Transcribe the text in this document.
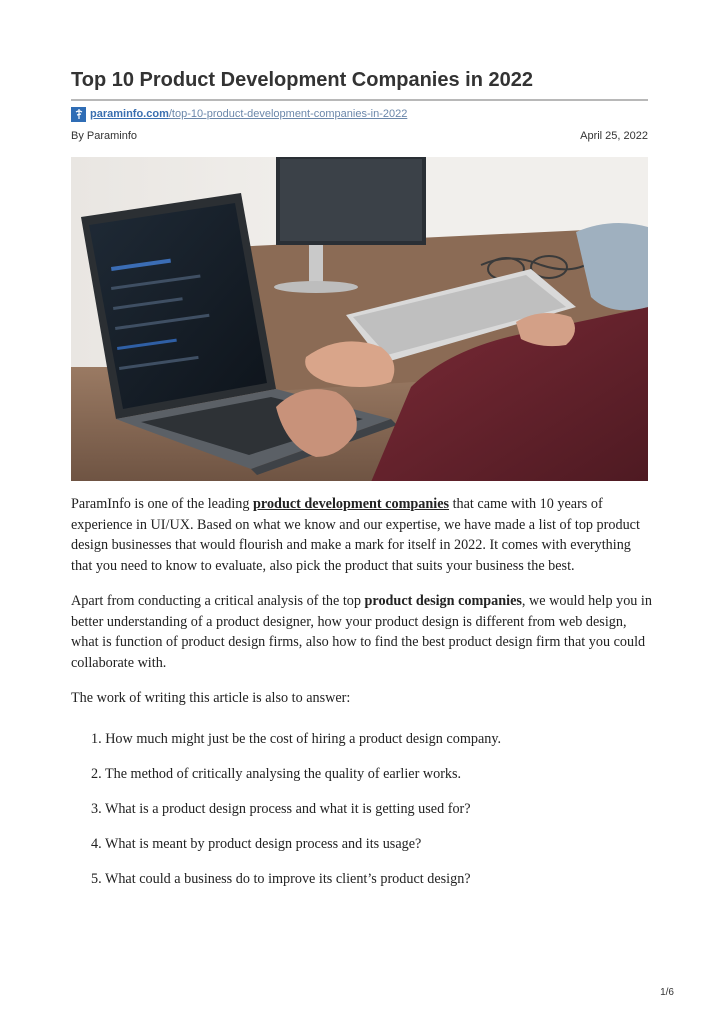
Top 10 Product Development Companies in 2022
paraminfo.com/top-10-product-development-companies-in-2022
By Paraminfo	April 25, 2022

ParamInfo is one of the leading product development companies that came with 10 years of experience in UI/UX. Based on what we know and our expertise, we have made a list of top product design businesses that would flourish and make a mark for itself in 2022. It comes with everything that you need to know to evaluate, also pick the product that suits your business the best.

Apart from conducting a critical analysis of the top product design companies, we would help you in better understanding of a product designer, how your product design is different from web design, what is function of product design firms, also how to find the best product design firm that you could collaborate with.

The work of writing this article is also to answer:

1. How much might just be the cost of hiring a product design company.
2. The method of critically analysing the quality of earlier works.
3. What is a product design process and what it is getting used for?
4. What is meant by product design process and its usage?
5. What could a business do to improve its client’s product design?
1/6
